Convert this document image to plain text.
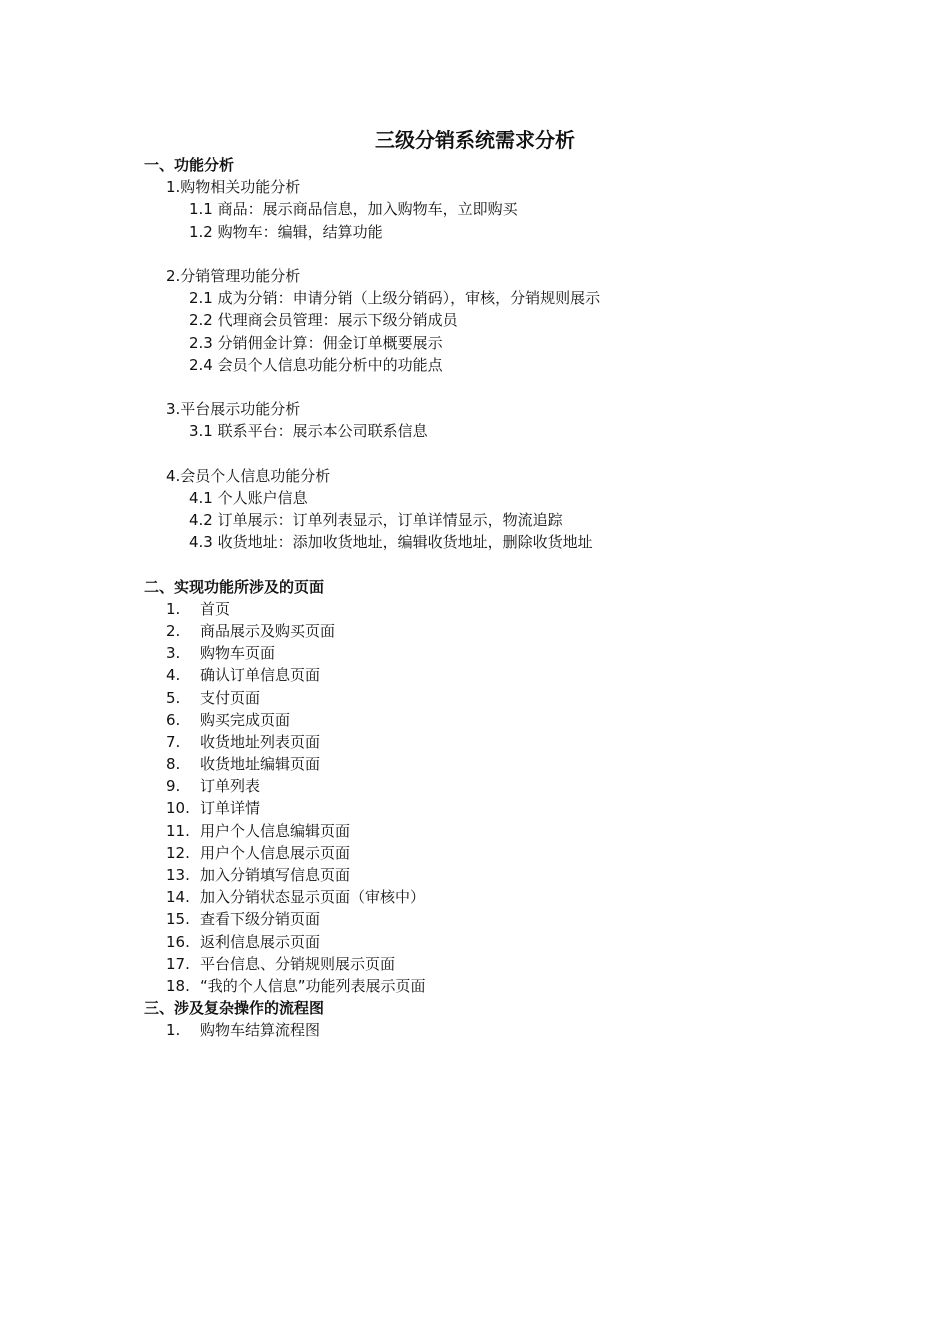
三级分销系统需求分析
一、功能分析
1.购物相关功能分析
1.1 商品：展示商品信息，加入购物车，立即购买
1.2 购物车：编辑，结算功能
2.分销管理功能分析
2.1 成为分销：申请分销（上级分销码），审核，分销规则展示
2.2 代理商会员管理：展示下级分销成员
2.3 分销佣金计算：佣金订单概要展示
2.4 会员个人信息功能分析中的功能点
3.平台展示功能分析
3.1 联系平台：展示本公司联系信息
4.会员个人信息功能分析
4.1 个人账户信息
4.2 订单展示：订单列表显示，订单详情显示，物流追踪
4.3 收货地址：添加收货地址，编辑收货地址，删除收货地址
二、实现功能所涉及的页面
1.	首页
2.	商品展示及购买页面
3.	购物车页面
4.	确认订单信息页面
5.	支付页面
6.	购买完成页面
7.	收货地址列表页面
8.	收货地址编辑页面
9.	订单列表
10. 订单详情
11. 用户个人信息编辑页面
12. 用户个人信息展示页面
13. 加入分销填写信息页面
14. 加入分销状态显示页面（审核中）
15. 查看下级分销页面
16. 返利信息展示页面
17. 平台信息、分销规则展示页面
18. “我的个人信息”功能列表展示页面
三、涉及复杂操作的流程图
1.	购物车结算流程图
